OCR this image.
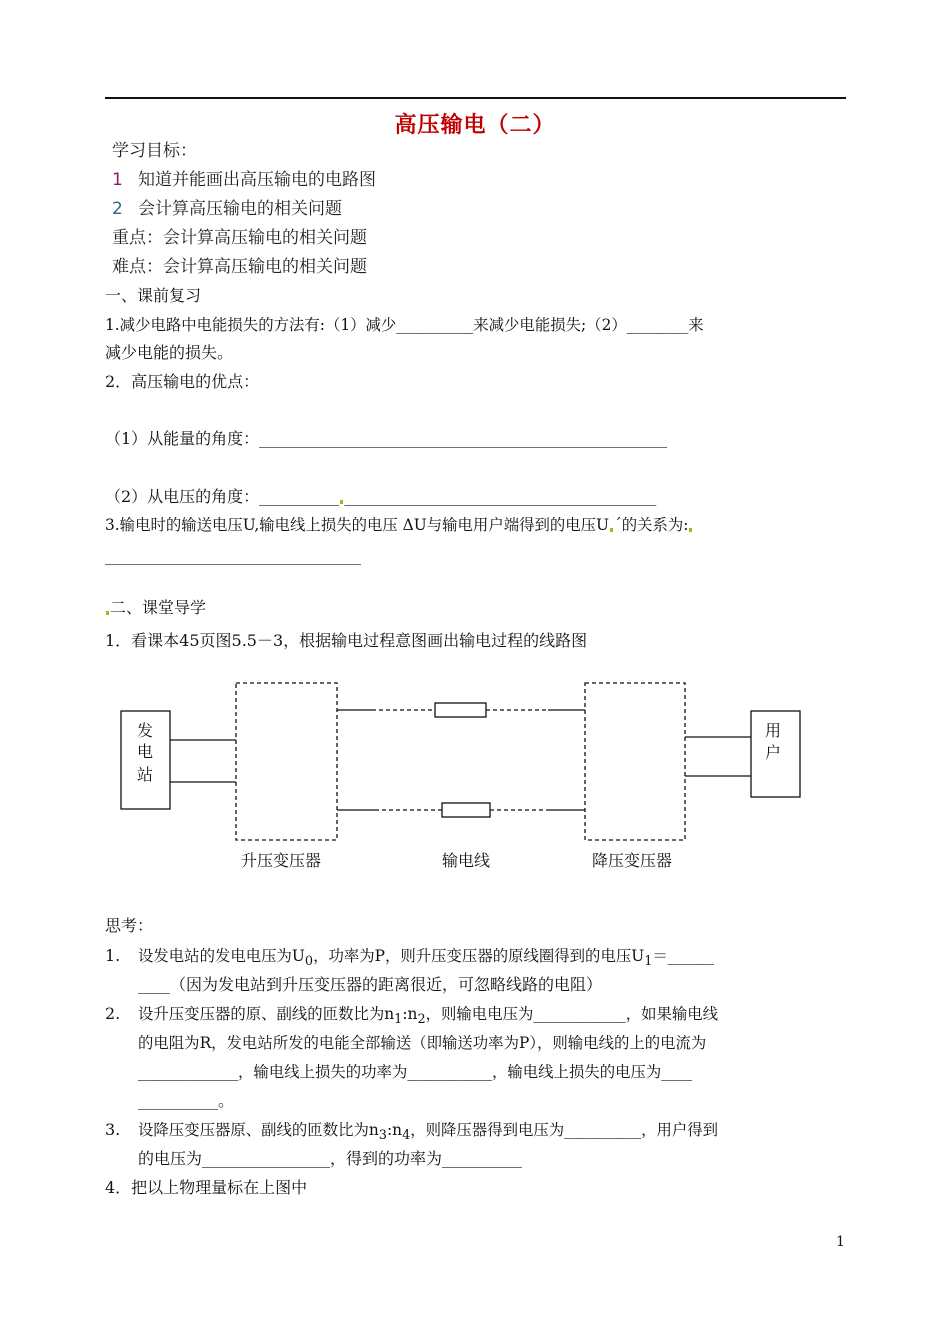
高压输电（二）
学习目标：
1 知道并能画出高压输电的电路图
2 会计算高压输电的相关问题
重点：会计算高压输电的相关问题
难点：会计算高压输电的相关问题
一、课前复习
1.减少电路中电能损失的方法有:（1）减少__________来减少电能损失;（2）________来
减少电能的损失。
2．高压输电的优点：
（1）从能量的角度：___________________________________________________
（2）从电压的角度：__________ _______________________________________
3.输电时的输送电压U,输电线上损失的电压 ΔU与输电用户端得到的电压U ´的关系为:
________________________________
二、课堂导学
1．看课本45页图5.5－3，根据输电过程意图画出输电过程的线路图
发
电
站
用
户
升压变压器	输电线	降压变压器
思考：
1. 设发电站的发电电压为$U_0$，功率为P，则升压变压器的原线圈得到的电压$U_1=\_\_\_\_\_\_$
____（因为发电站到升压变压器的距离很近，可忽略线路的电阻）
2. 设升压变压器的原、副线的匝数比为$n_1:n_2$，则输电电压为____________，如果输电线
的电阻为R，发电站所发的电能全部输送（即输送功率为P），则输电线的上的电流为
_____________，输电线上损失的功率为___________，输电线上损失的电压为____
__________。
3. 设降压变压器原、副线的匝数比为$n_3:n_4$，则降压器得到电压为__________，用户得到
的电压为________________，得到的功率为__________
4．把以上物理量标在上图中
1
